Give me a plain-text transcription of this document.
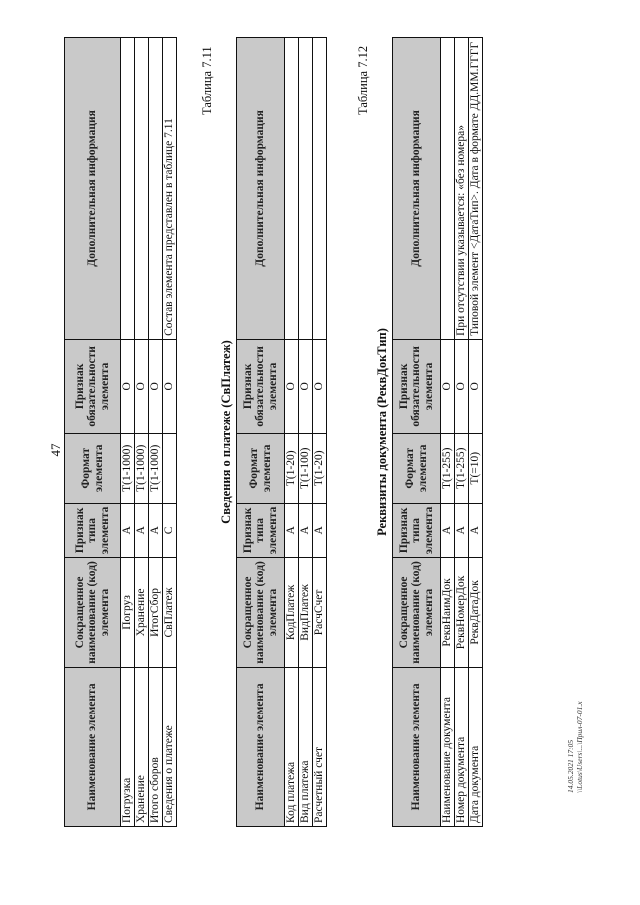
47
Наименование элемента	Сокращенное наименование (код) элемента	Признак типа элемента	Формат элемента	Признак обязательности элемента	Дополнительная информация
Погрузка	Погруз	А	T(1-1000)	О	
Хранение	Хранение	А	T(1-1000)	О	
Итого сборов	ИтогСбор	А	T(1-1000)	О	
Сведения о платеже	СвПлатеж	С		О	Состав элемента представлен в таблице 7.11
Таблица 7.11
Сведения о платеже (СвПлатеж)
Наименование элемента	Сокращенное наименование (код) элемента	Признак типа элемента	Формат элемента	Признак обязательности элемента	Дополнительная информация
Код платежа	КодПлатеж	А	T(1-20)	О	
Вид платежа	ВидПлатеж	А	T(1-100)	О	
Расчетный счет	РасчСчет	А	T(1-20)	О	
Таблица 7.12
Реквизиты документа (РеквДокТип)
Наименование элемента	Сокращенное наименование (код) элемента	Признак типа элемента	Формат элемента	Признак обязательности элемента	Дополнительная информация
Наименование документа	РеквНаимДок	А	T(1-255)	О	
Номер документа	РеквНомерДок	А	T(1-255)	О	При отсутствии указывается: «без номера»
Дата документа	РеквДатаДок	А	T(=10)	О	Типовой элемент <ДатаТип>. Дата в формате ДД.ММ.ГГГГ
14.05.2021 17:05 \\Lotus\Users\...\Прил-07-01.x
